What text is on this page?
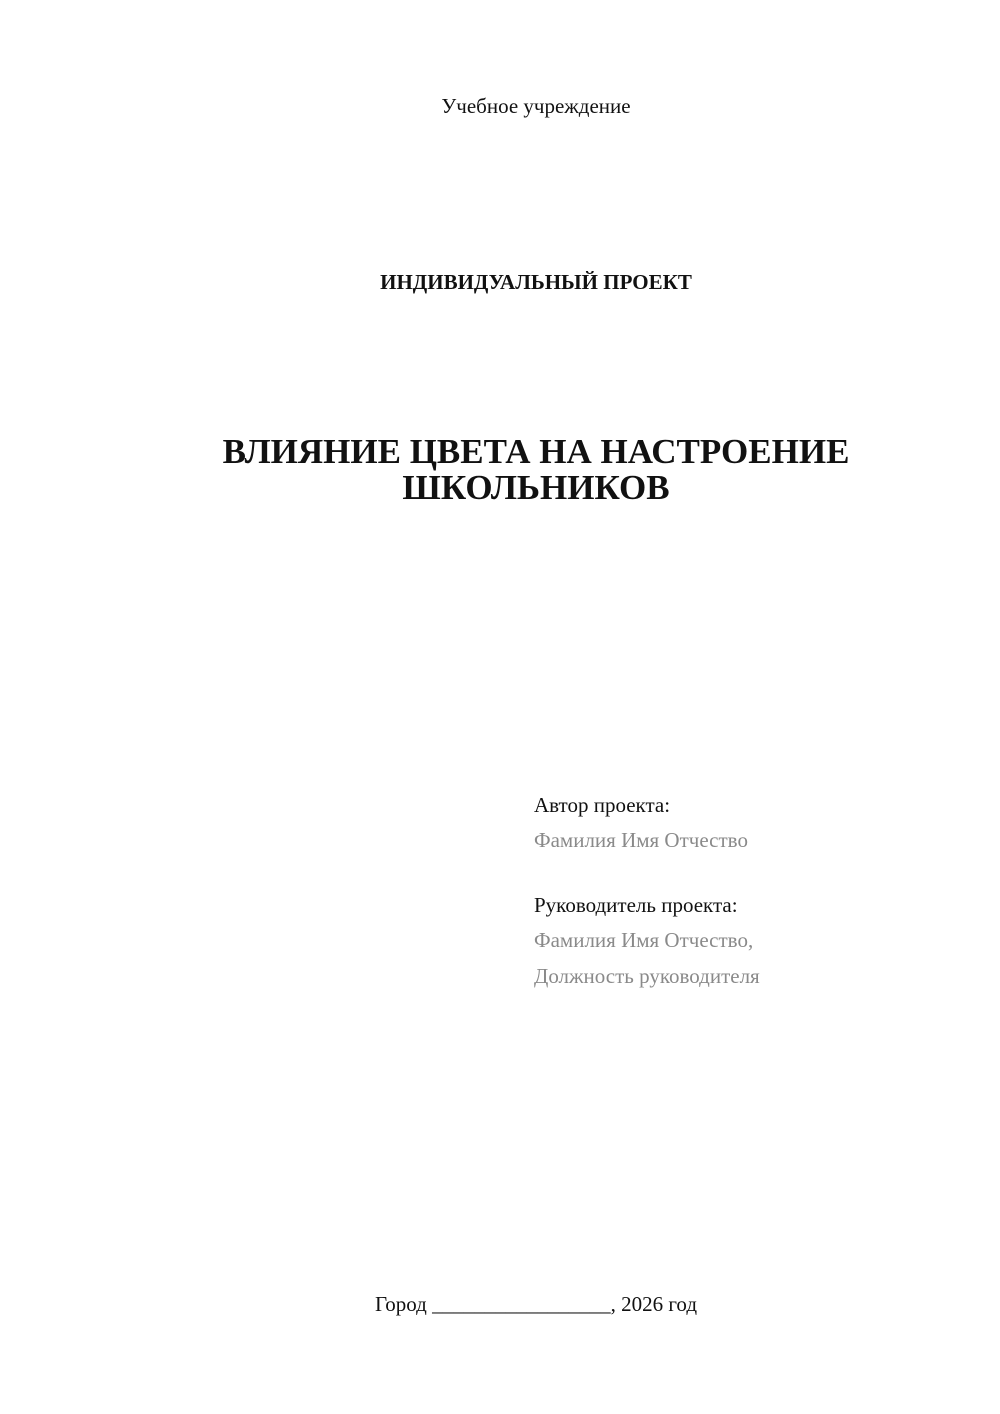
Учебное учреждение
ИНДИВИДУАЛЬНЫЙ ПРОЕКТ
ВЛИЯНИЕ ЦВЕТА НА НАСТРОЕНИЕ
ШКОЛЬНИКОВ
Автор проекта:
Фамилия Имя Отчество
Руководитель проекта:
Фамилия Имя Отчество,
Должность руководителя
Город _________________, 2026 год
